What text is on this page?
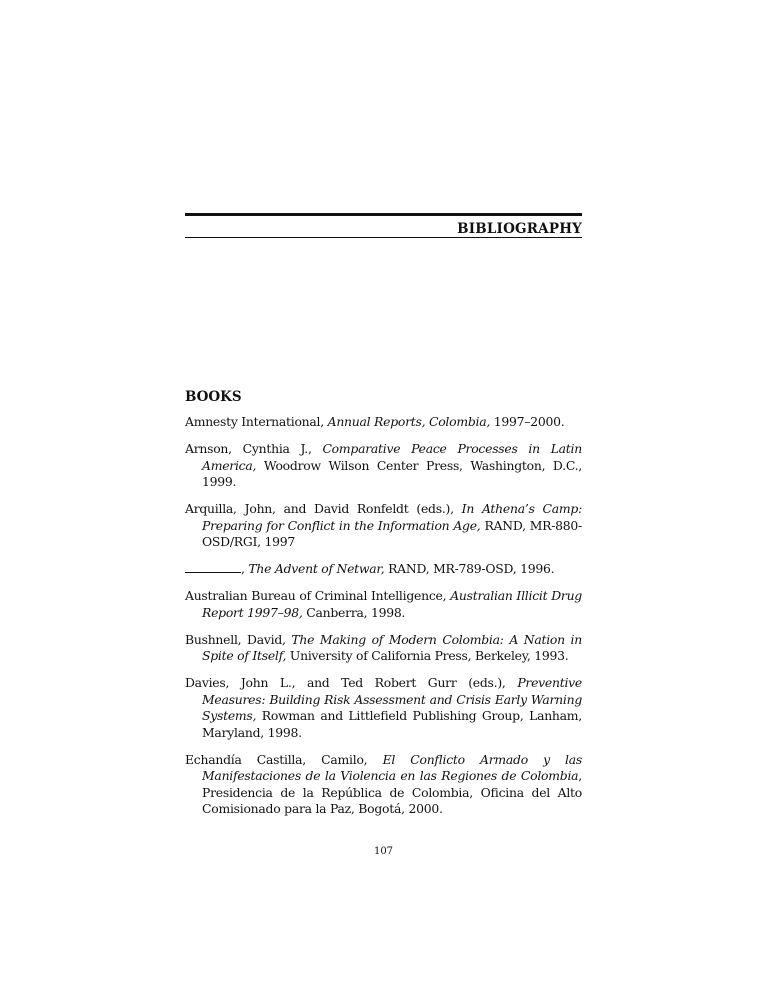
BIBLIOGRAPHY
BOOKS

Amnesty International, Annual Reports, Colombia, 1997–2000.

Arnson, Cynthia J., Comparative Peace Processes in Latin America, Woodrow Wilson Center Press, Washington, D.C., 1999.

Arquilla, John, and David Ronfeldt (eds.), In Athena’s Camp: Preparing for Conflict in the Information Age, RAND, MR-880-OSD/RGI, 1997

, The Advent of Netwar, RAND, MR-789-OSD, 1996.

Australian Bureau of Criminal Intelligence, Australian Illicit Drug Report 1997–98, Canberra, 1998.

Bushnell, David, The Making of Modern Colombia: A Nation in Spite of Itself, University of California Press, Berkeley, 1993.

Davies, John L., and Ted Robert Gurr (eds.), Preventive Measures: Building Risk Assessment and Crisis Early Warning Systems, Rowman and Littlefield Publishing Group, Lanham, Maryland, 1998.

Echandía Castilla, Camilo, El Conflicto Armado y las Manifestaciones de la Violencia en las Regiones de Colombia, Presidencia de la República de Colombia, Oficina del Alto Comisionado para la Paz, Bogotá, 2000.

107
